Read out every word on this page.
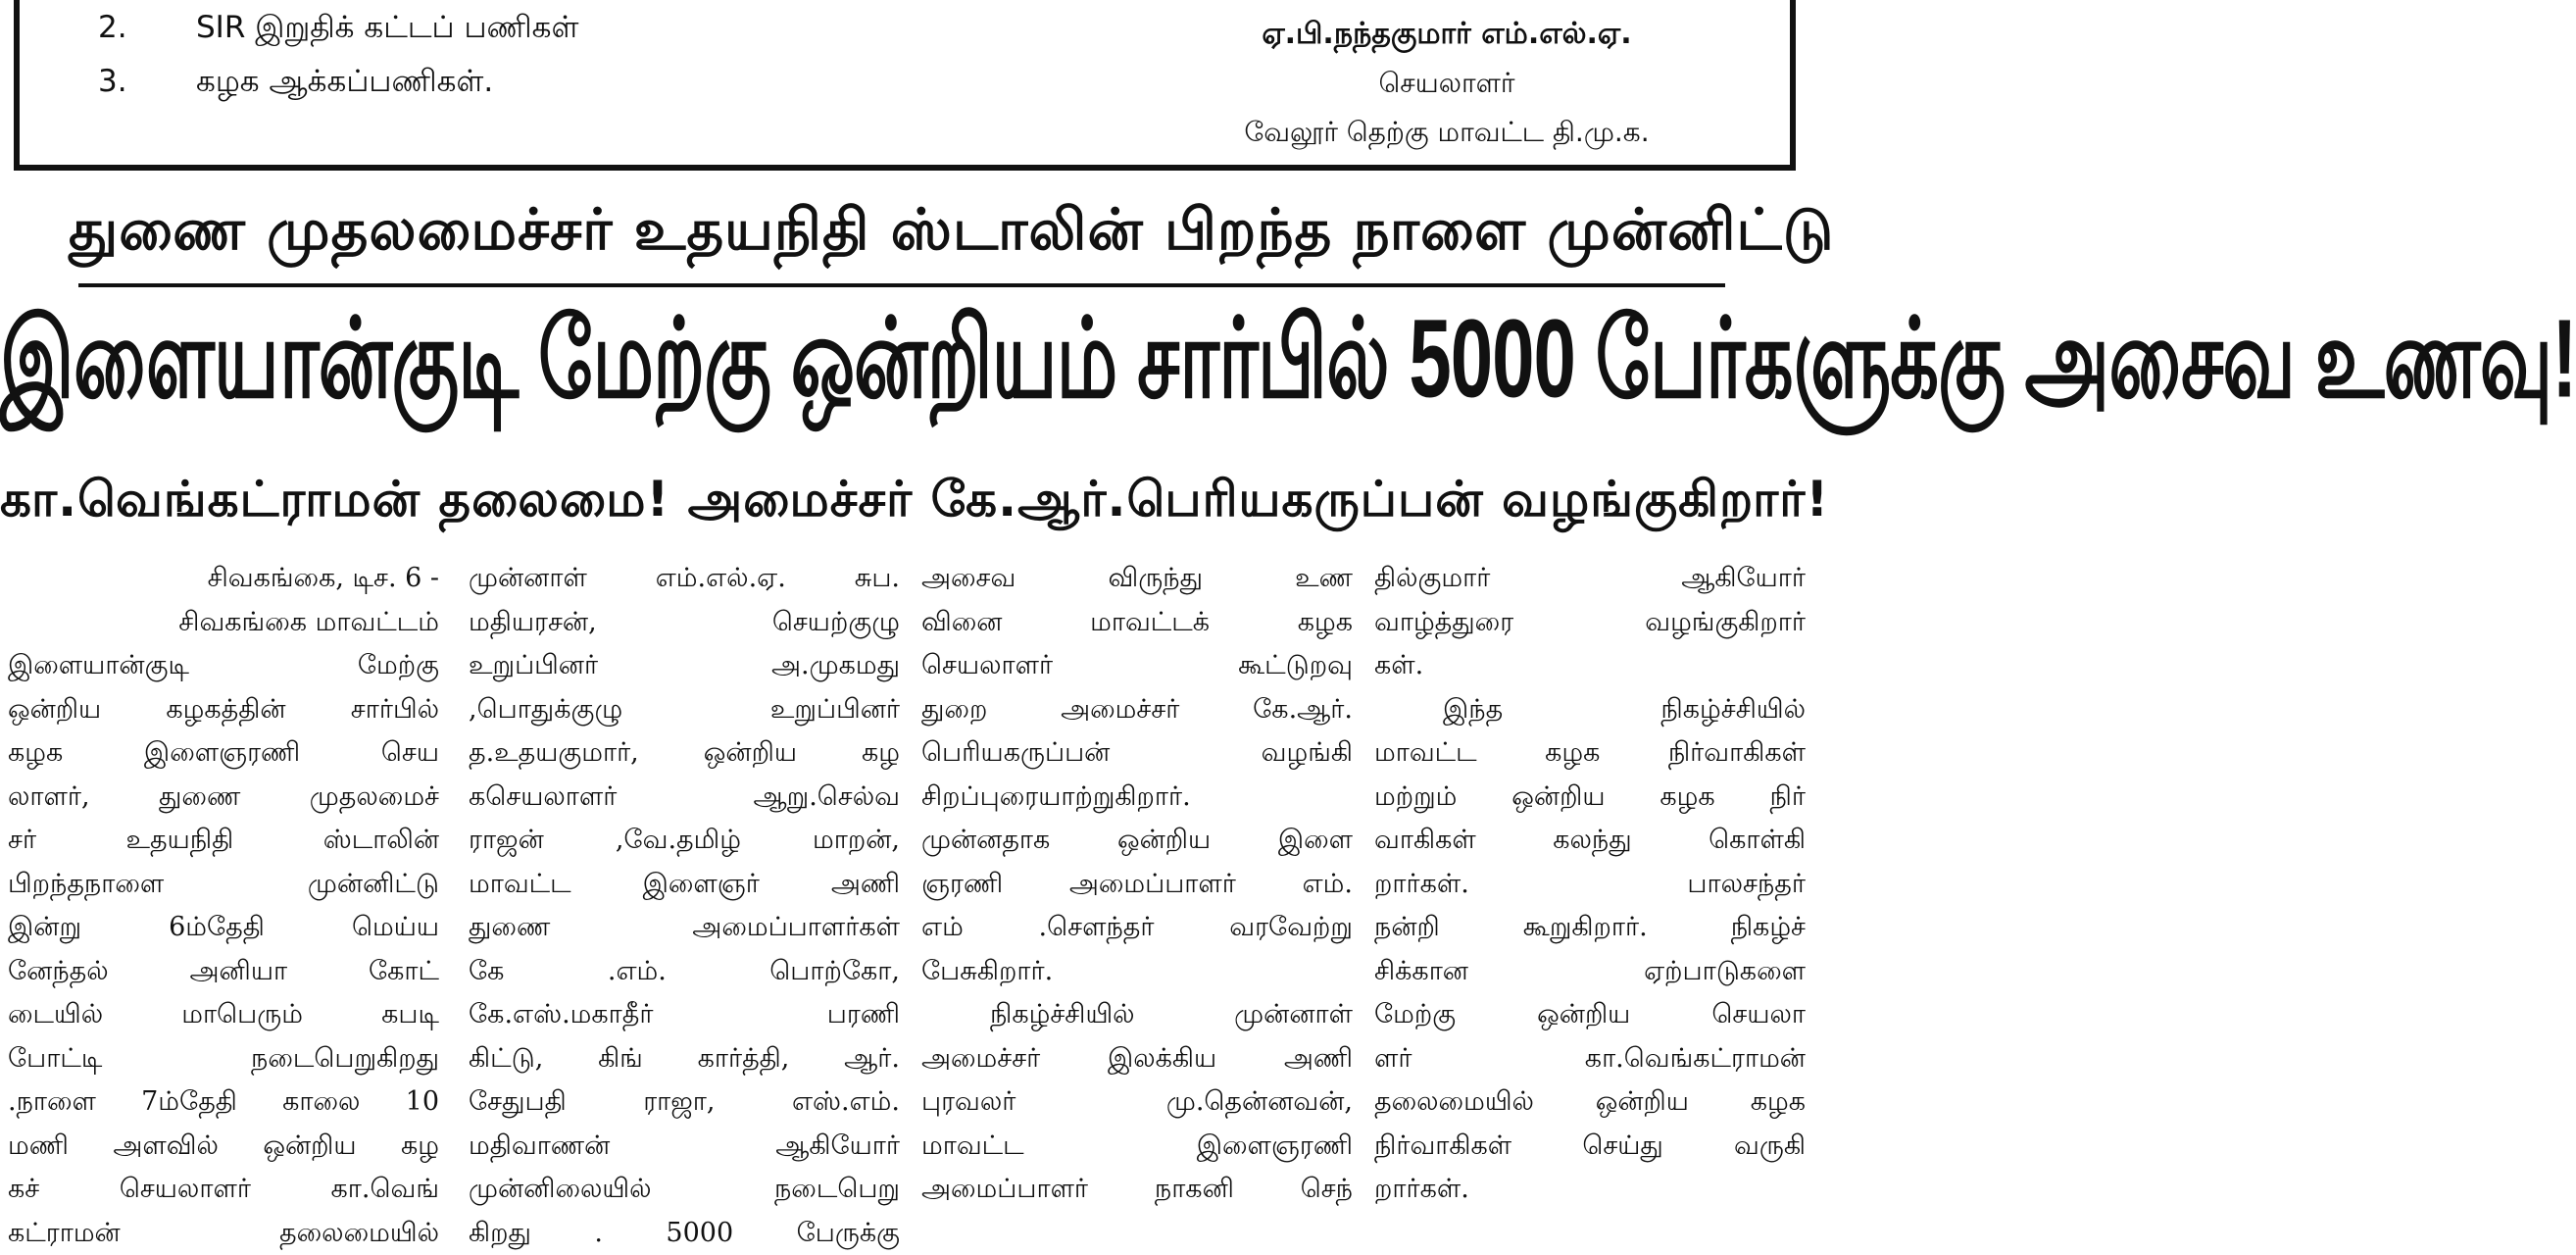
2. SIR இறுதிக் கட்டப் பணிகள்
3. கழக ஆக்கப்பணிகள்.
ஏ.பி.நந்தகுமார் எம்.எல்.ஏ.
செயலாளர்
வேலூர் தெற்கு மாவட்ட தி.மு.க.
துணை முதலமைச்சர் உதயநிதி ஸ்டாலின் பிறந்த நாளை முன்னிட்டு
இளையான்குடி மேற்கு ஒன்றியம் சார்பில் 5000 பேர்களுக்கு அசைவ உணவு!
கா.வெங்கட்ராமன் தலைமை! அமைச்சர் கே.ஆர்.பெரியகருப்பன் வழங்குகிறார்!
சிவகங்கை, டிச. 6 -
சிவகங்கை மாவட்டம்
இளையான்குடி மேற்கு
ஒன்றிய கழகத்தின் சார்பில்
கழக இளைஞரணி செய
லாளர், துணை முதலமைச்
சர் உதயநிதி ஸ்டாலின்
பிறந்தநாளை முன்னிட்டு
இன்று 6ம்தேதி மெய்ய
னேந்தல் அனியா கோட்
டையில் மாபெரும் கபடி
போட்டி நடைபெறுகிறது
.நாளை 7ம்தேதி காலை 10
மணி அளவில் ஒன்றிய கழ
கச் செயலாளர் கா.வெங்
கட்ராமன் தலைமையில்
முன்னாள் எம்.எல்.ஏ. சுப.
மதியரசன், செயற்குழு
உறுப்பினர் அ.முகமது
,பொதுக்குழு உறுப்பினர்
த.உதயகுமார், ஒன்றிய கழ
கசெயலாளர் ஆறு.செல்வ
ராஜன் ,வே.தமிழ் மாறன்,
மாவட்ட இளைஞர் அணி
துணை அமைப்பாளர்கள்
கே .எம். பொற்கோ,
கே.எஸ்.மகாதீர் பரணி
கிட்டு, கிங் கார்த்தி, ஆர்.
சேதுபதி ராஜா, எஸ்.எம்.
மதிவாணன் ஆகியோர்
முன்னிலையில் நடைபெறு
கிறது . 5000 பேருக்கு
அசைவ விருந்து உண
வினை மாவட்டக் கழக
செயலாளர் கூட்டுறவு
துறை அமைச்சர் கே.ஆர்.
பெரியகருப்பன் வழங்கி
சிறப்புரையாற்றுகிறார்.
முன்னதாக ஒன்றிய இளை
ஞரணி அமைப்பாளர் எம்.
எம் .சௌந்தர் வரவேற்று
பேசுகிறார்.
நிகழ்ச்சியில் முன்னாள்
அமைச்சர் இலக்கிய அணி
புரவலர் மு.தென்னவன்,
மாவட்ட இளைஞரணி
அமைப்பாளர் நாகனி செந்
தில்குமார் ஆகியோர்
வாழ்த்துரை வழங்குகிறார்
கள்.
இந்த நிகழ்ச்சியில்
மாவட்ட கழக நிர்வாகிகள்
மற்றும் ஒன்றிய கழக நிர்
வாகிகள் கலந்து கொள்கி
றார்கள். பாலசந்தர்
நன்றி கூறுகிறார். நிகழ்ச்
சிக்கான ஏற்பாடுகளை
மேற்கு ஒன்றிய செயலா
ளர் கா.வெங்கட்ராமன்
தலைமையில் ஒன்றிய கழக
நிர்வாகிகள் செய்து வருகி
றார்கள்.
